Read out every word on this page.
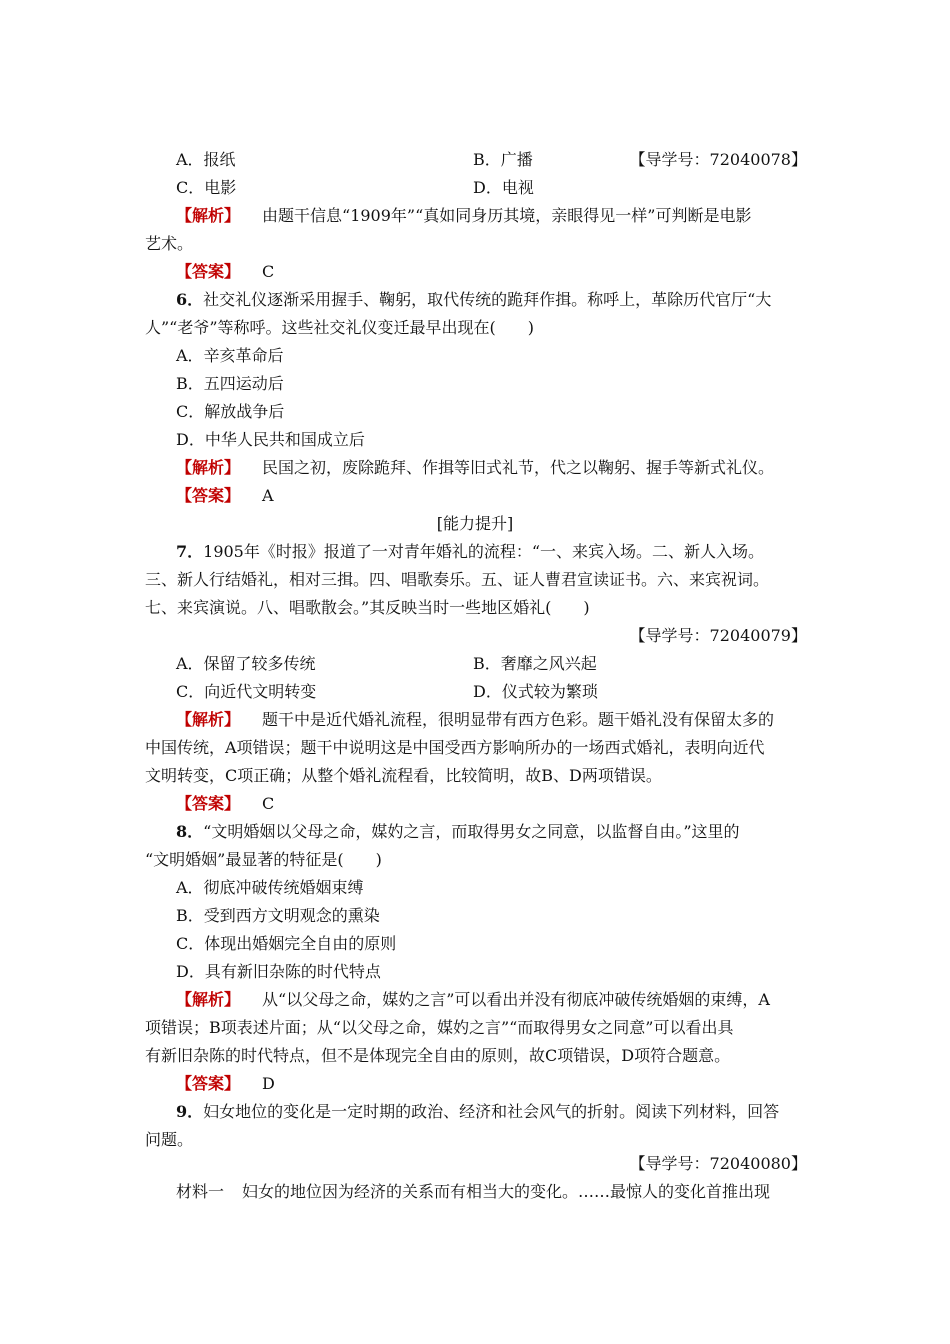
【导学号：72040078】
A．报纸	B．广播
C．电影	D．电视
【解析】 由题干信息“1909年”“真如同身历其境，亲眼得见一样”可判断是电影
艺术。
【答案】 C
6．社交礼仪逐渐采用握手、鞠躬，取代传统的跪拜作揖。称呼上，革除历代官厅“大
人”“老爷”等称呼。这些社交礼仪变迁最早出现在(　　)
A．辛亥革命后
B．五四运动后
C．解放战争后
D．中华人民共和国成立后
【解析】 民国之初，废除跪拜、作揖等旧式礼节，代之以鞠躬、握手等新式礼仪。
【答案】 A
[能力提升]
7．1905年《时报》报道了一对青年婚礼的流程：“一、来宾入场。二、新人入场。
三、新人行结婚礼，相对三揖。四、唱歌奏乐。五、证人曹君宣读证书。六、来宾祝词。
七、来宾演说。八、唱歌散会。”其反映当时一些地区婚礼(　　)
【导学号：72040079】
A．保留了较多传统	B．奢靡之风兴起
C．向近代文明转变	D．仪式较为繁琐
【解析】 题干中是近代婚礼流程，很明显带有西方色彩。题干婚礼没有保留太多的
中国传统，A项错误；题干中说明这是中国受西方影响所办的一场西式婚礼，表明向近代
文明转变，C项正确；从整个婚礼流程看，比较简明，故B、D两项错误。
【答案】 C
8．“文明婚姻以父母之命，媒妁之言，而取得男女之同意，以监督自由。”这里的
“文明婚姻”最显著的特征是(　　)
A．彻底冲破传统婚姻束缚
B．受到西方文明观念的熏染
C．体现出婚姻完全自由的原则
D．具有新旧杂陈的时代特点
【解析】 从“以父母之命，媒妁之言”可以看出并没有彻底冲破传统婚姻的束缚，A
项错误；B项表述片面；从“以父母之命，媒妁之言”“而取得男女之同意”可以看出具
有新旧杂陈的时代特点，但不是体现完全自由的原则，故C项错误，D项符合题意。
【答案】 D
9．妇女地位的变化是一定时期的政治、经济和社会风气的折射。阅读下列材料，回答
问题。
【导学号：72040080】
材料一 妇女的地位因为经济的关系而有相当大的变化。……最惊人的变化首推出现
